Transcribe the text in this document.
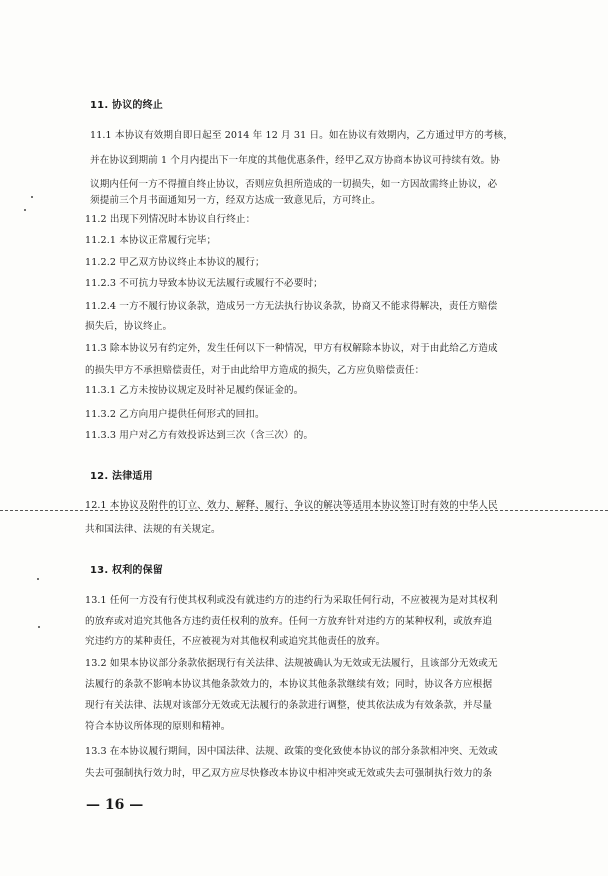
11. 协议的终止
11.1 本协议有效期自即日起至 2014 年 12 月 31 日。如在协议有效期内，乙方通过甲方的考核，
并在协议到期前 1 个月内提出下一年度的其他优惠条件，经甲乙双方协商本协议可持续有效。协
议期内任何一方不得擅自终止协议，否则应负担所造成的一切损失，如一方因故需终止协议，必
须提前三个月书面通知另一方，经双方达成一致意见后，方可终止。
11.2 出现下列情况时本协议自行终止：
11.2.1 本协议正常履行完毕；
11.2.2 甲乙双方协议终止本协议的履行；
11.2.3 不可抗力导致本协议无法履行或履行不必要时；
11.2.4 一方不履行协议条款，造成另一方无法执行协议条款，协商又不能求得解决，责任方赔偿
损失后，协议终止。
11.3 除本协议另有约定外，发生任何以下一种情况，甲方有权解除本协议，对于由此给乙方造成
的损失甲方不承担赔偿责任，对于由此给甲方造成的损失，乙方应负赔偿责任：
11.3.1 乙方未按协议规定及时补足履约保证金的。
11.3.2 乙方向用户提供任何形式的回扣。
11.3.3 用户对乙方有效投诉达到三次（含三次）的。
12. 法律适用
12.1 本协议及附件的订立、效力、解释、履行、争议的解决等适用本协议签订时有效的中华人民
共和国法律、法规的有关规定。
13. 权利的保留
13.1 任何一方没有行使其权利或没有就违约方的违约行为采取任何行动，不应被视为是对其权利
的放弃或对追究其他各方违约责任权利的放弃。任何一方放弃针对违约方的某种权利，或放弃追
究违约方的某种责任，不应被视为对其他权利或追究其他责任的放弃。
13.2 如果本协议部分条款依据现行有关法律、法规被确认为无效或无法履行，且该部分无效或无
法履行的条款不影响本协议其他条款效力的，本协议其他条款继续有效；同时，协议各方应根据
现行有关法律、法规对该部分无效或无法履行的条款进行调整，使其依法成为有效条款，并尽量
符合本协议所体现的原则和精神。
13.3 在本协议履行期间，因中国法律、法规、政策的变化致使本协议的部分条款相冲突、无效或
失去可强制执行效力时，甲乙双方应尽快修改本协议中相冲突或无效或失去可强制执行效力的条
— 16 —
